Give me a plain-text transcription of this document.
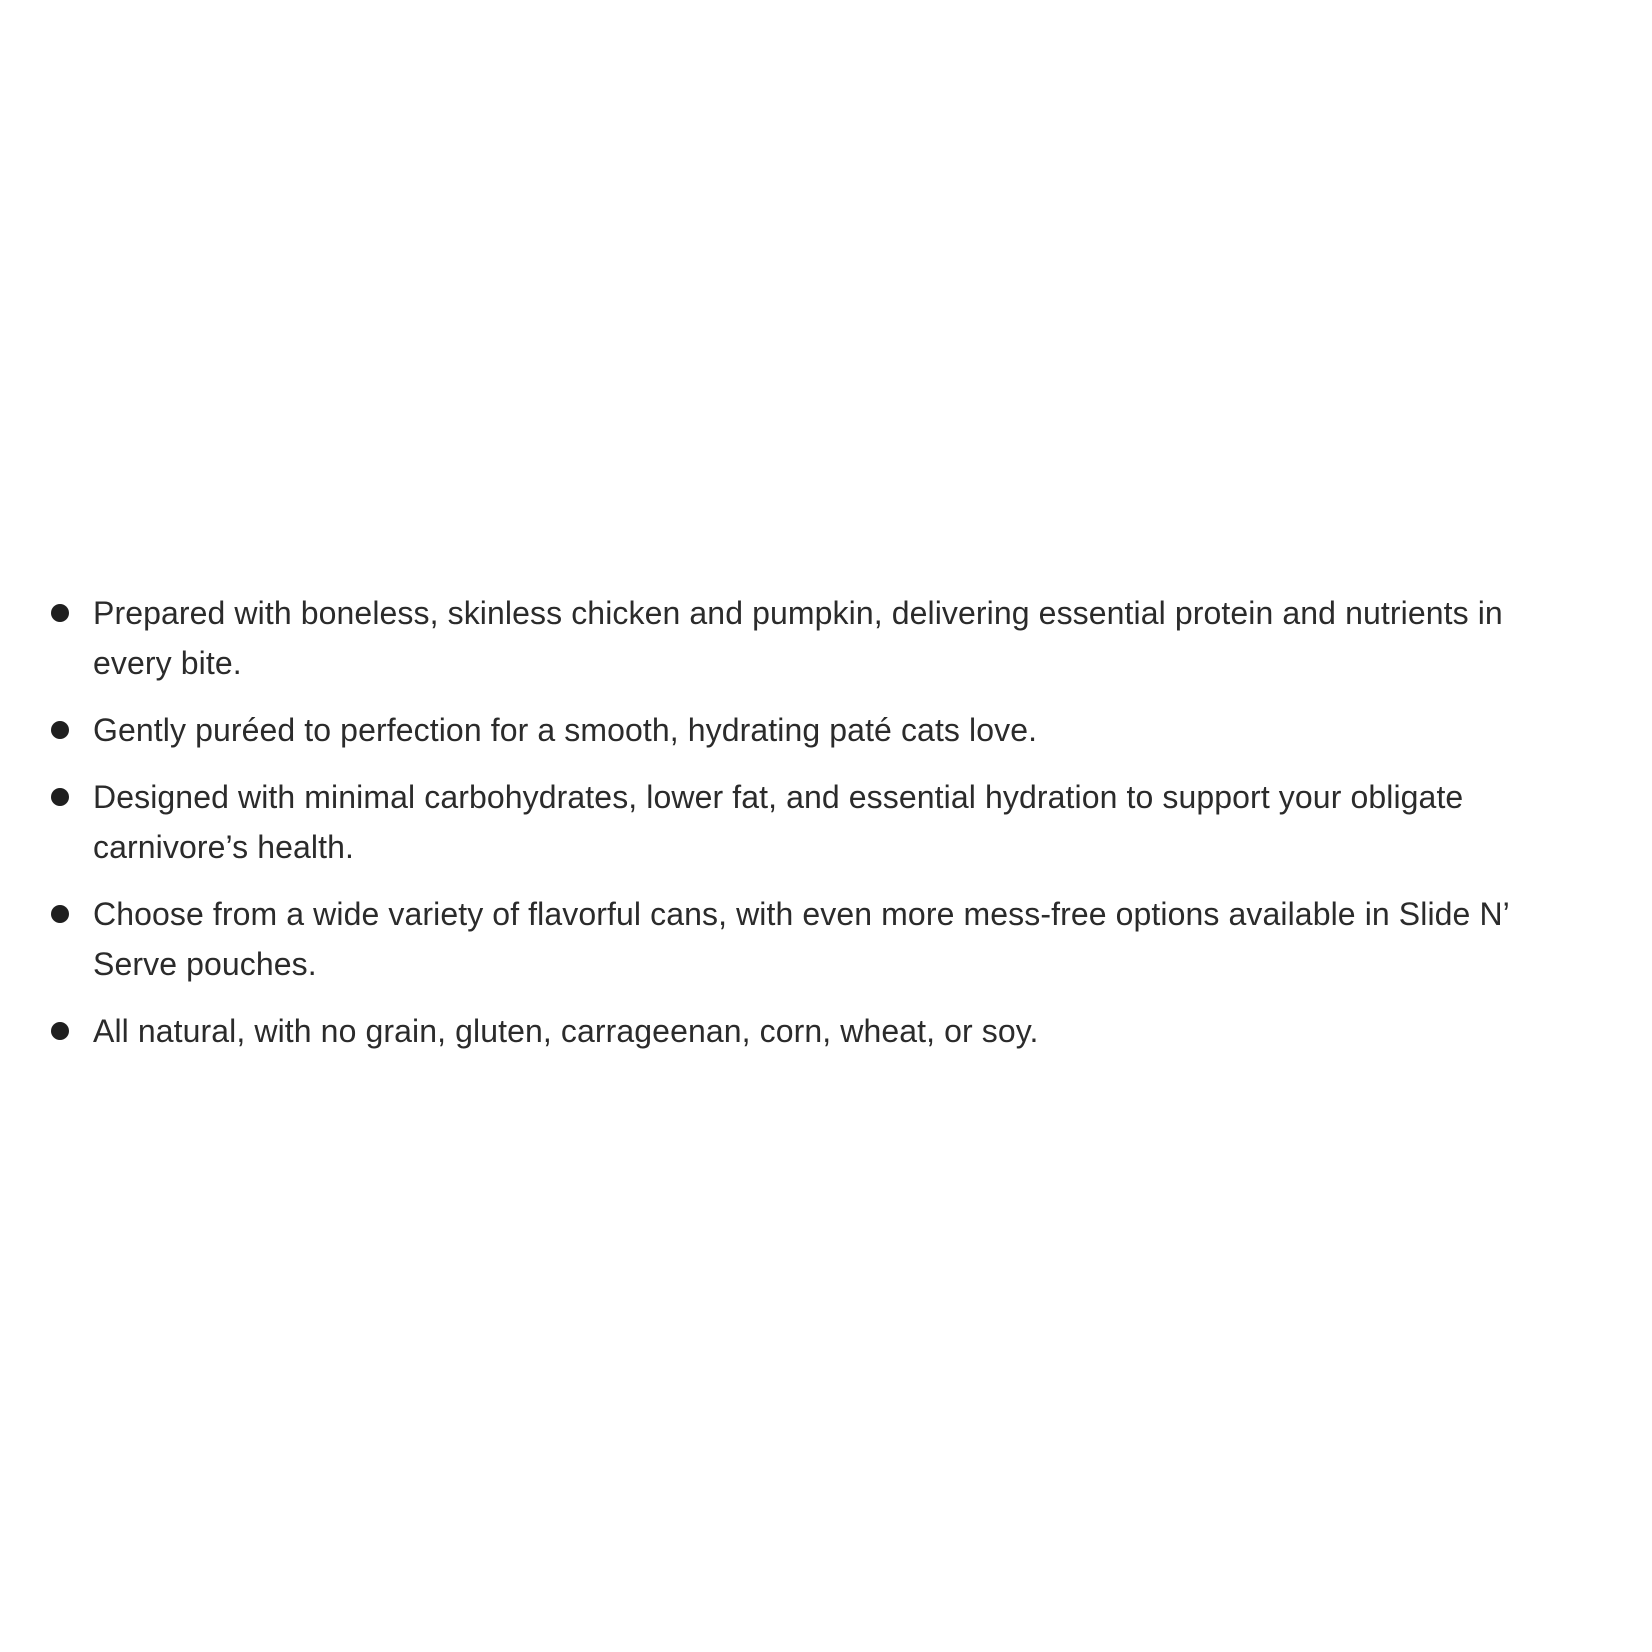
Prepared with boneless, skinless chicken and pumpkin, delivering essential protein and nutrients in every bite.
Gently puréed to perfection for a smooth, hydrating paté cats love.
Designed with minimal carbohydrates, lower fat, and essential hydration to support your obligate carnivore’s health.
Choose from a wide variety of flavorful cans, with even more mess-free options available in Slide N’ Serve pouches.
All natural, with no grain, gluten, carrageenan, corn, wheat, or soy.
